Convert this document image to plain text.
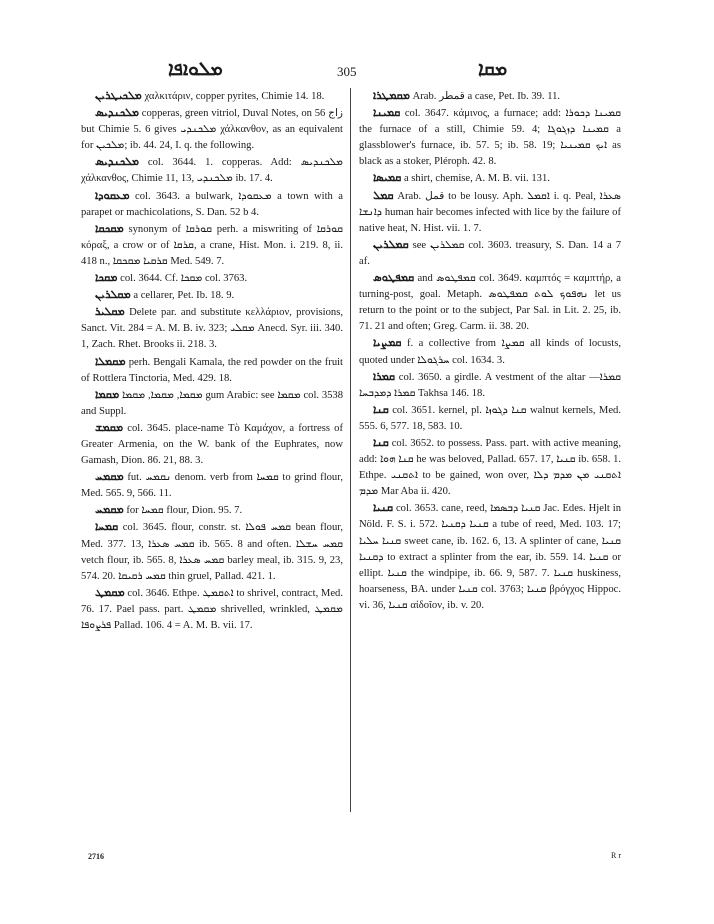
ܡܠܘܐܦܐ	305	ܡܩܐ

ܡܠܟܝܛܪܝܢ χαλκιτάριν, copper pyrites, Chimie 14. 18.

ܡܠܟܢܕܝܣ copperas, green vitriol, Duval Notes, on زاج 56 but Chimie 5. 6 gives ܡܠܟܢܕܝ χάλκανθον, as an equivalent for ܡܠܟܝܢ; ib. 44. 24, I. q. the following.

ܡܠܟܢܕܝܣ col. 3644. 1. copperas. Add: ܡܠܟܢܕܝܣ χάλκανθος, Chimie 11, 13, ܡܠܟܢܕܝ ib. 17. 4.

ܡܥܩܘܕܐ col. 3643. a bulwark, ܡܥܩܘܕܐ a town with a parapet or machicolations, S. Dan. 52 b 4.

ܡܩܟܩܐ synonym of ܩܘܪܩܐ perh. a miswriting of ܩܘܪܩܐ κόραξ, a crow or of ܩܪܩܐ, a crane, Hist. Mon. i. 219. 8, ii. 418 n., ܩܪܩܝܐ ܡܩܟܩܐ Med. 549. 7.

ܡܩܟܐ col. 3644. Cf. ܡܩܟܐ col. 3763.

ܡܩܠܪܝܢ a cellarer, Pet. Ib. 18. 9.

ܡܩܠܝܪ Delete par. and substitute κελλάριον, provisions, Sanct. Vit. 284 = A. M. B. iv. 323; ܡܩܠܝ Anecd. Syr. iii. 340. 1, Zach. Rhet. Brooks ii. 218. 3.

ܡܩܡܠܐ perh. Bengali Kamala, the red powder on the fruit of Rottlera Tinctoria, Med. 429. 18.

ܡܩܡܐ ܡܩܡܐ, ܡܩܡܐ, ܡܩܡܐ gum Arabic: see ܡܩܡܐ col. 3538 and Suppl.

ܡܩܡܫ col. 3645. place-name Τὸ Καμάχον, a fortress of Greater Armenia, on the W. bank of the Euphrates, now Gamash, Dion. 86. 21, 88. 3.

ܡܩܡܚ fut. ܢܩܡܚ denom. verb from ܩܡܚܐ to grind flour, Med. 565. 9, 566. 11.

ܡܩܡܚ for ܩܡܚܐ flour, Dion. 95. 7.

ܩܡܚܐ col. 3645. flour, constr. st. ܩܡܚ ܦܘܠܐ bean flour, Med. 377. 13, ܩܡܚ ܣܥܪܐ ib. 565. 8 and often. ܩܡܚ ܚܫܠܐ vetch flour, ib. 565. 8, ܩܡܚ ܣܥܪܐ barley meal, ib. 315. 9, 23, 574. 20. ܩܡܚ ܪܩܝܩܐ thin gruel, Pallad. 421. 1.

ܡܩܡܛ col. 3646. Ethpe. ܐܬܩܡܛ to shrivel, contract, Med. 76. 17. Pael pass. part. ܡܩܡܛ shrivelled, wrinkled, ܡܩܡܛ ܦܪܨܘܦܐ Pallad. 106. 4 = A. M. B. vii. 17.

ܡܩܡܛܪܐ Arab. قمطر a case, Pet. Ib. 39. 11.

ܩܡܝܢܐ col. 3647. κάμινος, a furnace; add: ܩܡܝܢܐ ܕܟܘܪܐ the furnace of a still, Chimie 59. 4; ܩܡܝܢܐ ܕܙܓܘܓܐ a glassblower's furnace, ib. 57. 5; ib. 58. 19; ܐܝܟ ܩܡܝܢܝܐ as black as a stoker, Pléroph. 42. 8.

ܩܡܝܣܐ a shirt, chemise, A. M. B. vii. 131.

ܩܡܠ Arab. قمل to be lousy. Aph. ܐܩܡܠ i. q. Peal, ܣܥܪܐ ܕܐܢܫܐ human hair becomes infected with lice by the failure of native heat, N. Hist. vii. 1. 7.

ܩܡܠܪܝܢ see ܩܡܠܪܝܢ col. 3603. treasury, S. Dan. 14 a 7 af.

ܩܡܦܛܘܣ and ܩܡܦܛܘܣ col. 3649. καμπτός = καμπτήρ, a turning-post, goal. Metaph. ܢܗܦܘܟ ܠܘܬ ܩܡܦܛܘܣ let us return to the point or to the subject, Par Sal. in Lit. 2. 25, ib. 71. 21 and often; Greg. Carm. ii. 38. 20.

ܩܡܨܝܐ f. a collective from ܩܡܨܐ all kinds of locusts, quoted under ܚܪܓܘܠܐ col. 1634. 3.

ܩܡܪܐ col. 3650. a girdle. A vestment of the altar ܩܡܪܐ—ܩܡܪܐ ܕܡܕܒܚܐ Takhsa 146. 18.

ܩܢܐ col. 3651. kernel, pl. ܩܢܐ ܕܓܘܙܐ walnut kernels, Med. 555. 6, 577. 18, 583. 10.

ܩܢܐ col. 3652. to possess. Pass. part. with active meaning, add: ܩܢܐ ܗܘܐ he was beloved, Pallad. 657. 17, ܩܢܝܐ ib. 658. 1. Ethpe. ܐܬܩܢܝ to be gained, won over, ܐܬܩܢܝ ܡܢ ܡܕܡ ܕܠܐ ܡܕܡ Mar Aba ii. 420.

ܩܢܝܐ col. 3653. cane, reed, ܩܢܝܐ ܕܒܣܡܐ Jac. Edes. Hjelt in Nöld. F. S. i. 572. ܩܢܝܐ ܕܩܢܝܐ a tube of reed, Med. 103. 17; ܩܢܝܐ ܚܠܝܐ sweet cane, ib. 162. 6, 13. A splinter of cane, ܩܢܝܐ ܕܩܢܝܐ to extract a splinter from the ear, ib. 559. 14. ܩܢܝܐ or ellipt. ܩܢܝܐ the windpipe, ib. 66. 9, 587. 7. ܩܢܝܐ huskiness, hoarseness, BA. under ܩܢܝܐ col. 3763; ܩܢܝܐ βρόγχος Hippoc. vi. 36, ܩܢܝܐ αἰδοῖον, ib. v. 20.

2716	R r
